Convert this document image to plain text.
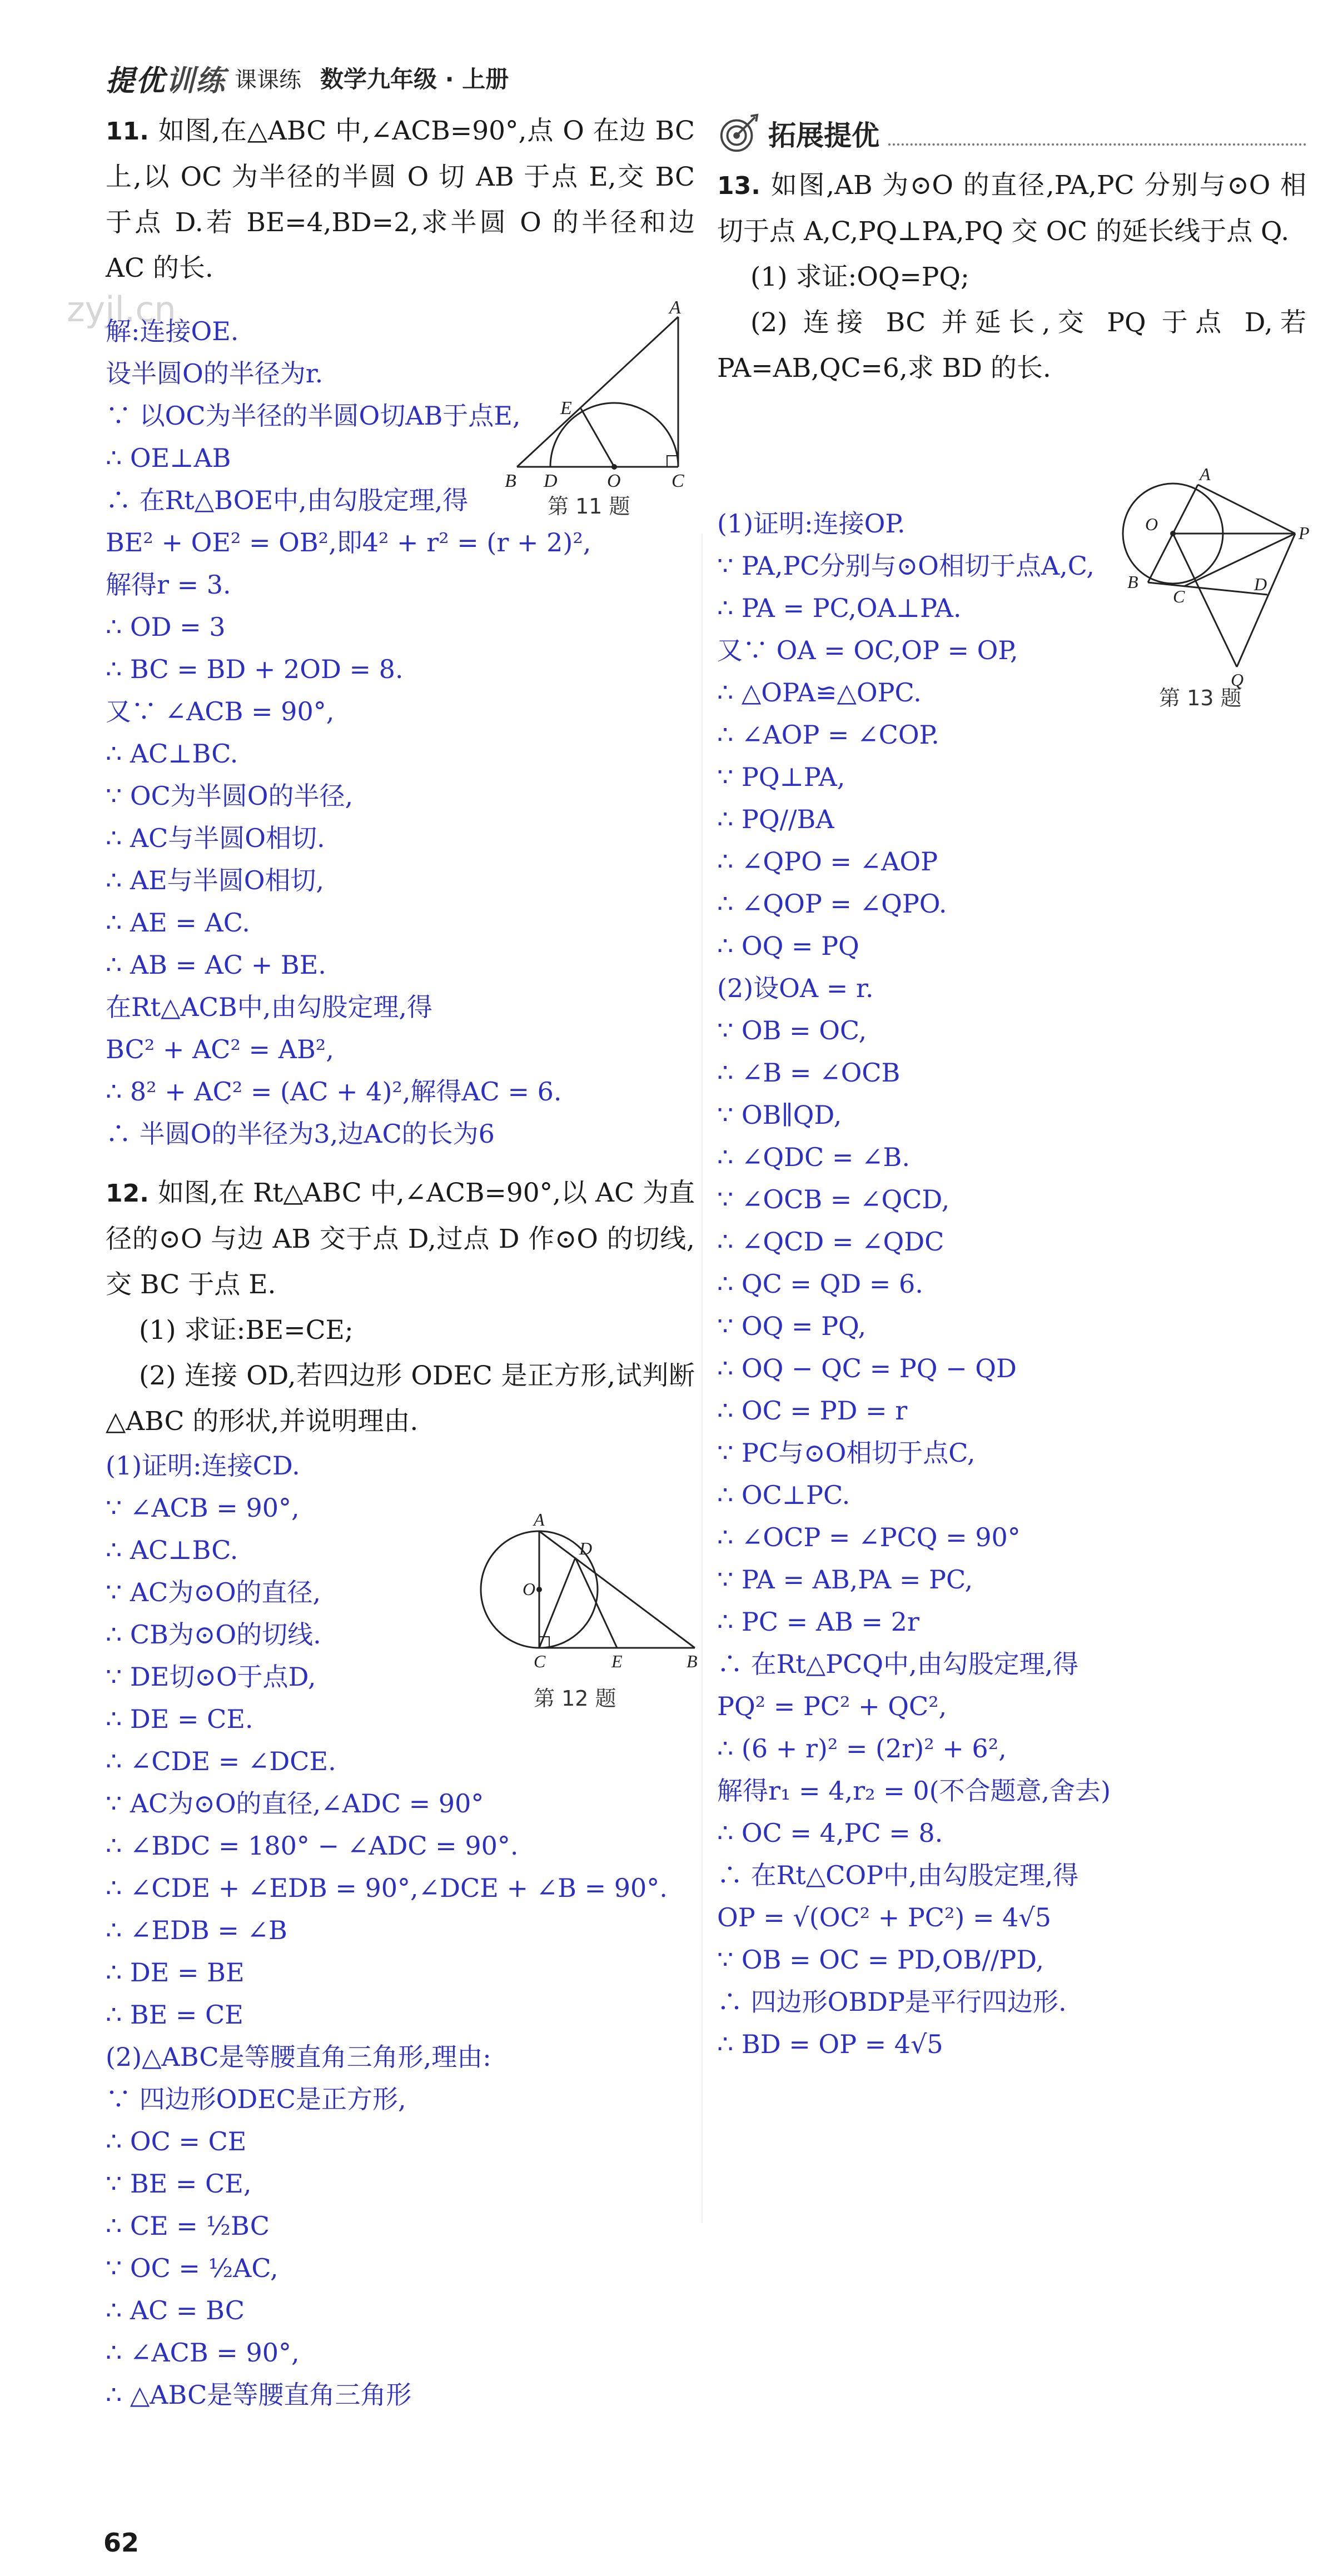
提优训练 课课练 数学九年级 · 上册
zyjl.cn
11. 如图,在△ABC 中,∠ACB=90°,点 O 在边 BC 上,以 OC 为半径的半圆 O 切 AB 于点 E,交 BC 于点 D.若 BE=4,BD=2,求半圆 O 的半径和边 AC 的长.
解:连接OE.
设半圆O的半径为r.
∵ 以OC为半径的半圆O切AB于点E,
∴ OE⊥AB
∴ 在Rt△BOE中,由勾股定理,得
BE² + OE² = OB²,即4² + r² = (r + 2)²,
解得r = 3.
∴ OD = 3
∴ BC = BD + 2OD = 8.
又∵ ∠ACB = 90°,
∴ AC⊥BC.
∵ OC为半圆O的半径,
∴ AC与半圆O相切.
∴ AE与半圆O相切,
∴ AE = AC.
∴ AB = AC + BE.
在Rt△ACB中,由勾股定理,得
BC² + AC² = AB²,
∴ 8² + AC² = (AC + 4)²,解得AC = 6.
∴ 半圆O的半径为3,边AC的长为6
12. 如图,在 Rt△ABC 中,∠ACB=90°,以 AC 为直径的⊙O 与边 AB 交于点 D,过点 D 作⊙O 的切线,交 BC 于点 E.
(1) 求证:BE=CE;
(2) 连接 OD,若四边形 ODEC 是正方形,试判断△ABC 的形状,并说明理由.
(1)证明:连接CD.
∵ ∠ACB = 90°,
∴ AC⊥BC.
∵ AC为⊙O的直径,
∴ CB为⊙O的切线.
∵ DE切⊙O于点D,
∴ DE = CE.
∴ ∠CDE = ∠DCE.
∵ AC为⊙O的直径,∠ADC = 90°
∴ ∠BDC = 180° − ∠ADC = 90°.
∴ ∠CDE + ∠EDB = 90°,∠DCE + ∠B = 90°.
∴ ∠EDB = ∠B
∴ DE = BE
∴ BE = CE
(2)△ABC是等腰直角三角形,理由:
∵ 四边形ODEC是正方形,
∴ OC = CE
∵ BE = CE,
∴ CE = ½BC
∵ OC = ½AC,
∴ AC = BC
∴ ∠ACB = 90°,
∴ △ABC是等腰直角三角形
A
E
B D	O	C
第 11 题
A
D
O
C	E	B
第 12 题
拓展提优
13. 如图,AB 为⊙O 的直径,PA,PC 分别与⊙O 相切于点 A,C,PQ⊥PA,PQ 交 OC 的延长线于点 Q.
(1) 求证:OQ=PQ;
(2) 连接 BC 并延长,交 PQ 于点 D,若 PA=AB,QC=6,求 BD 的长.
(1)证明:连接OP.
∵ PA,PC分别与⊙O相切于点A,C,
∴ PA = PC,OA⊥PA.
又∵ OA = OC,OP = OP,
∴ △OPA≌△OPC.
∴ ∠AOP = ∠COP.
∵ PQ⊥PA,
∴ PQ//BA
∴ ∠QPO = ∠AOP
∴ ∠QOP = ∠QPO.
∴ OQ = PQ
(2)设OA = r.
∵ OB = OC,
∴ ∠B = ∠OCB
∵ OB∥QD,
∴ ∠QDC = ∠B.
∵ ∠OCB = ∠QCD,
∴ ∠QCD = ∠QDC
∴ QC = QD = 6.
∵ OQ = PQ,
∴ OQ − QC = PQ − QD
∴ OC = PD = r
∵ PC与⊙O相切于点C,
∴ OC⊥PC.
∴ ∠OCP = ∠PCQ = 90°
∵ PA = AB,PA = PC,
∴ PC = AB = 2r
∴ 在Rt△PCQ中,由勾股定理,得
PQ² = PC² + QC²,
∴ (6 + r)² = (2r)² + 6²,
解得r₁ = 4,r₂ = 0(不合题意,舍去)
∴ OC = 4,PC = 8.
∴ 在Rt△COP中,由勾股定理,得
OP = √(OC² + PC²) = 4√5
∵ OB = OC = PD,OB//PD,
∴ 四边形OBDP是平行四边形.
∴ BD = OP = 4√5
A
O	P
B
C
D
Q
第 13 题
62
